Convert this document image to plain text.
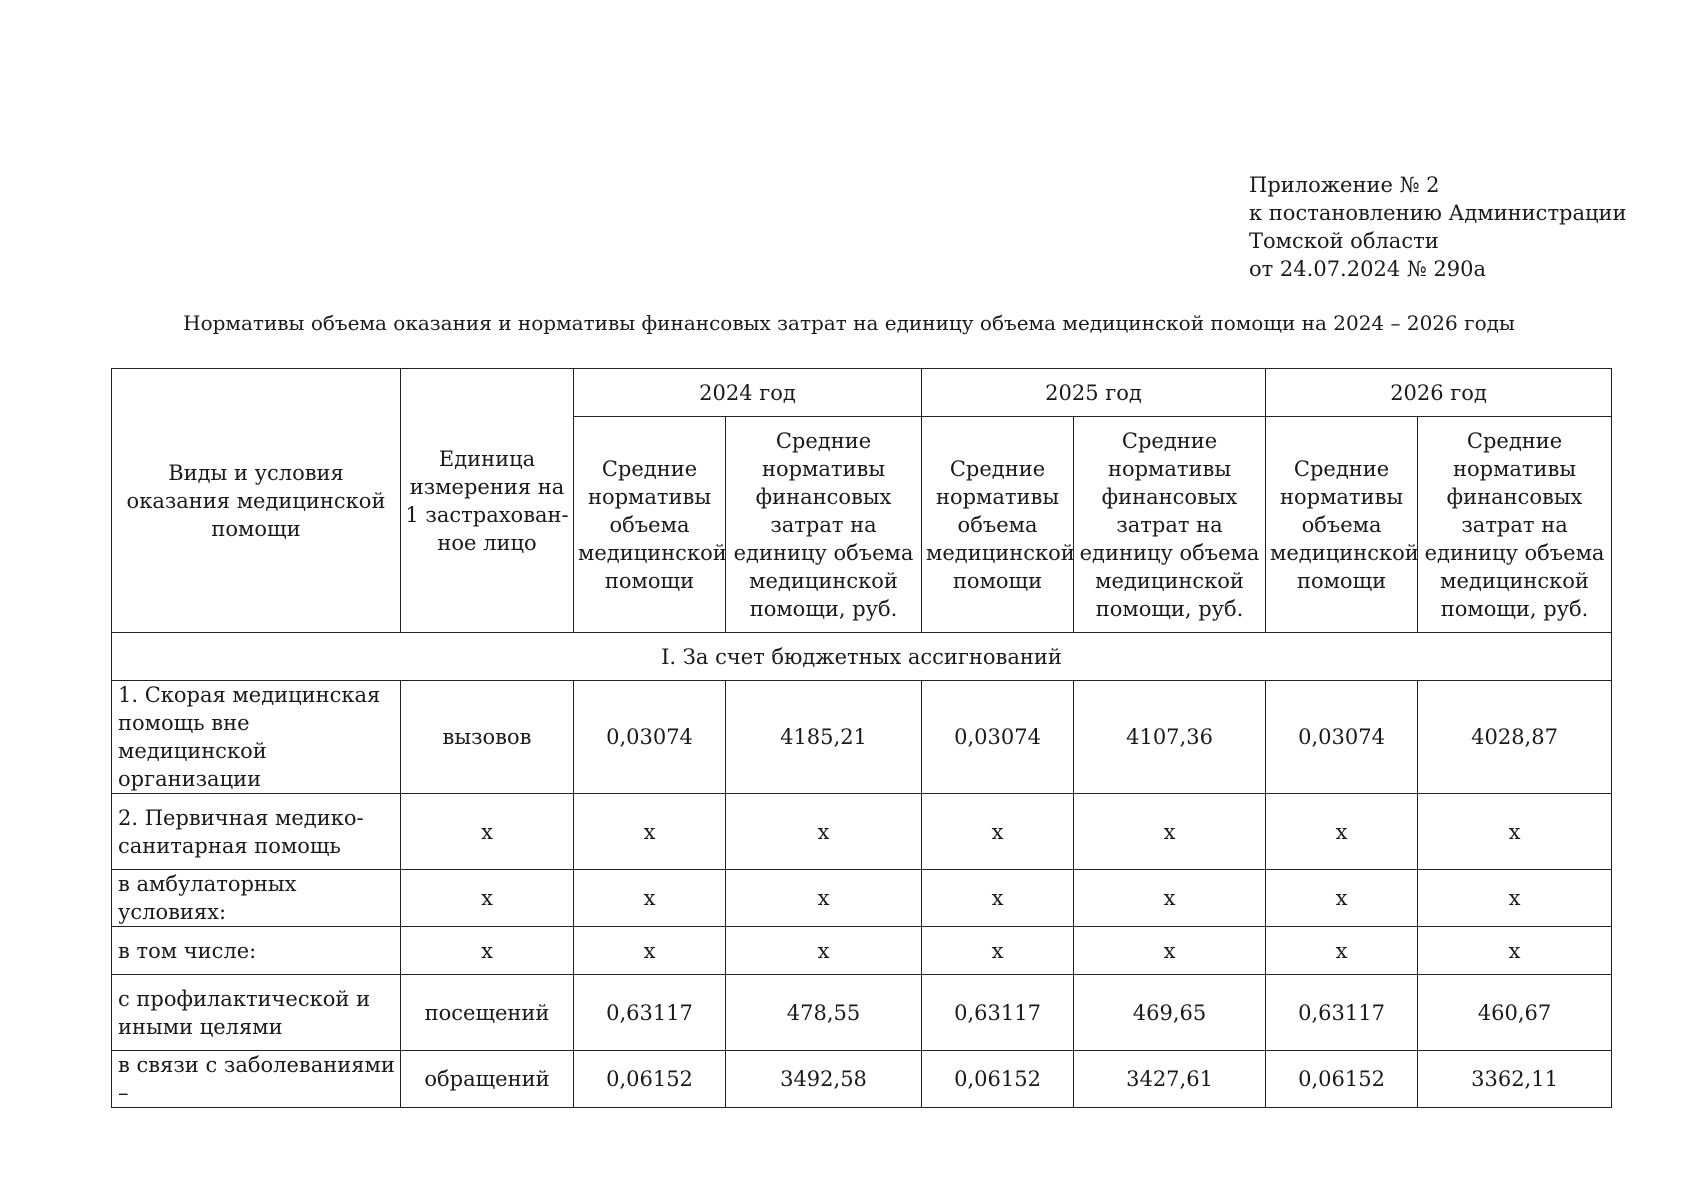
Приложение № 2
к постановлению Администрации
Томской области
от 24.07.2024 № 290а
Нормативы объема оказания и нормативы финансовых затрат на единицу объема медицинской помощи на 2024 – 2026 годы
Виды и условия оказания медицинской помощи	Единица измерения на 1 застрахован-ное лицо	2024 год		2025 год		2026 год	
		Средние нормативы объема медицинской помощи	Средние нормативы финансовых затрат на единицу объема медицинской помощи, руб.	Средние нормативы объема медицинской помощи	Средние нормативы финансовых затрат на единицу объема медицинской помощи, руб.	Средние нормативы объема медицинской помощи	Средние нормативы финансовых затрат на единицу объема медицинской помощи, руб.
I. За счет бюджетных ассигнований							
1. Скорая медицинская помощь вне медицинской организации	вызовов	0,03074	4185,21	0,03074	4107,36	0,03074	4028,87
2. Первичная медико-санитарная помощь	х	х	х	х	х	х	х
в амбулаторных условиях:	х	х	х	х	х	х	х
в том числе:	х	х	х	х	х	х	х
с профилактической и иными целями	посещений	0,63117	478,55	0,63117	469,65	0,63117	460,67
в связи с заболеваниями –	обращений	0,06152	3492,58	0,06152	3427,61	0,06152	3362,11
